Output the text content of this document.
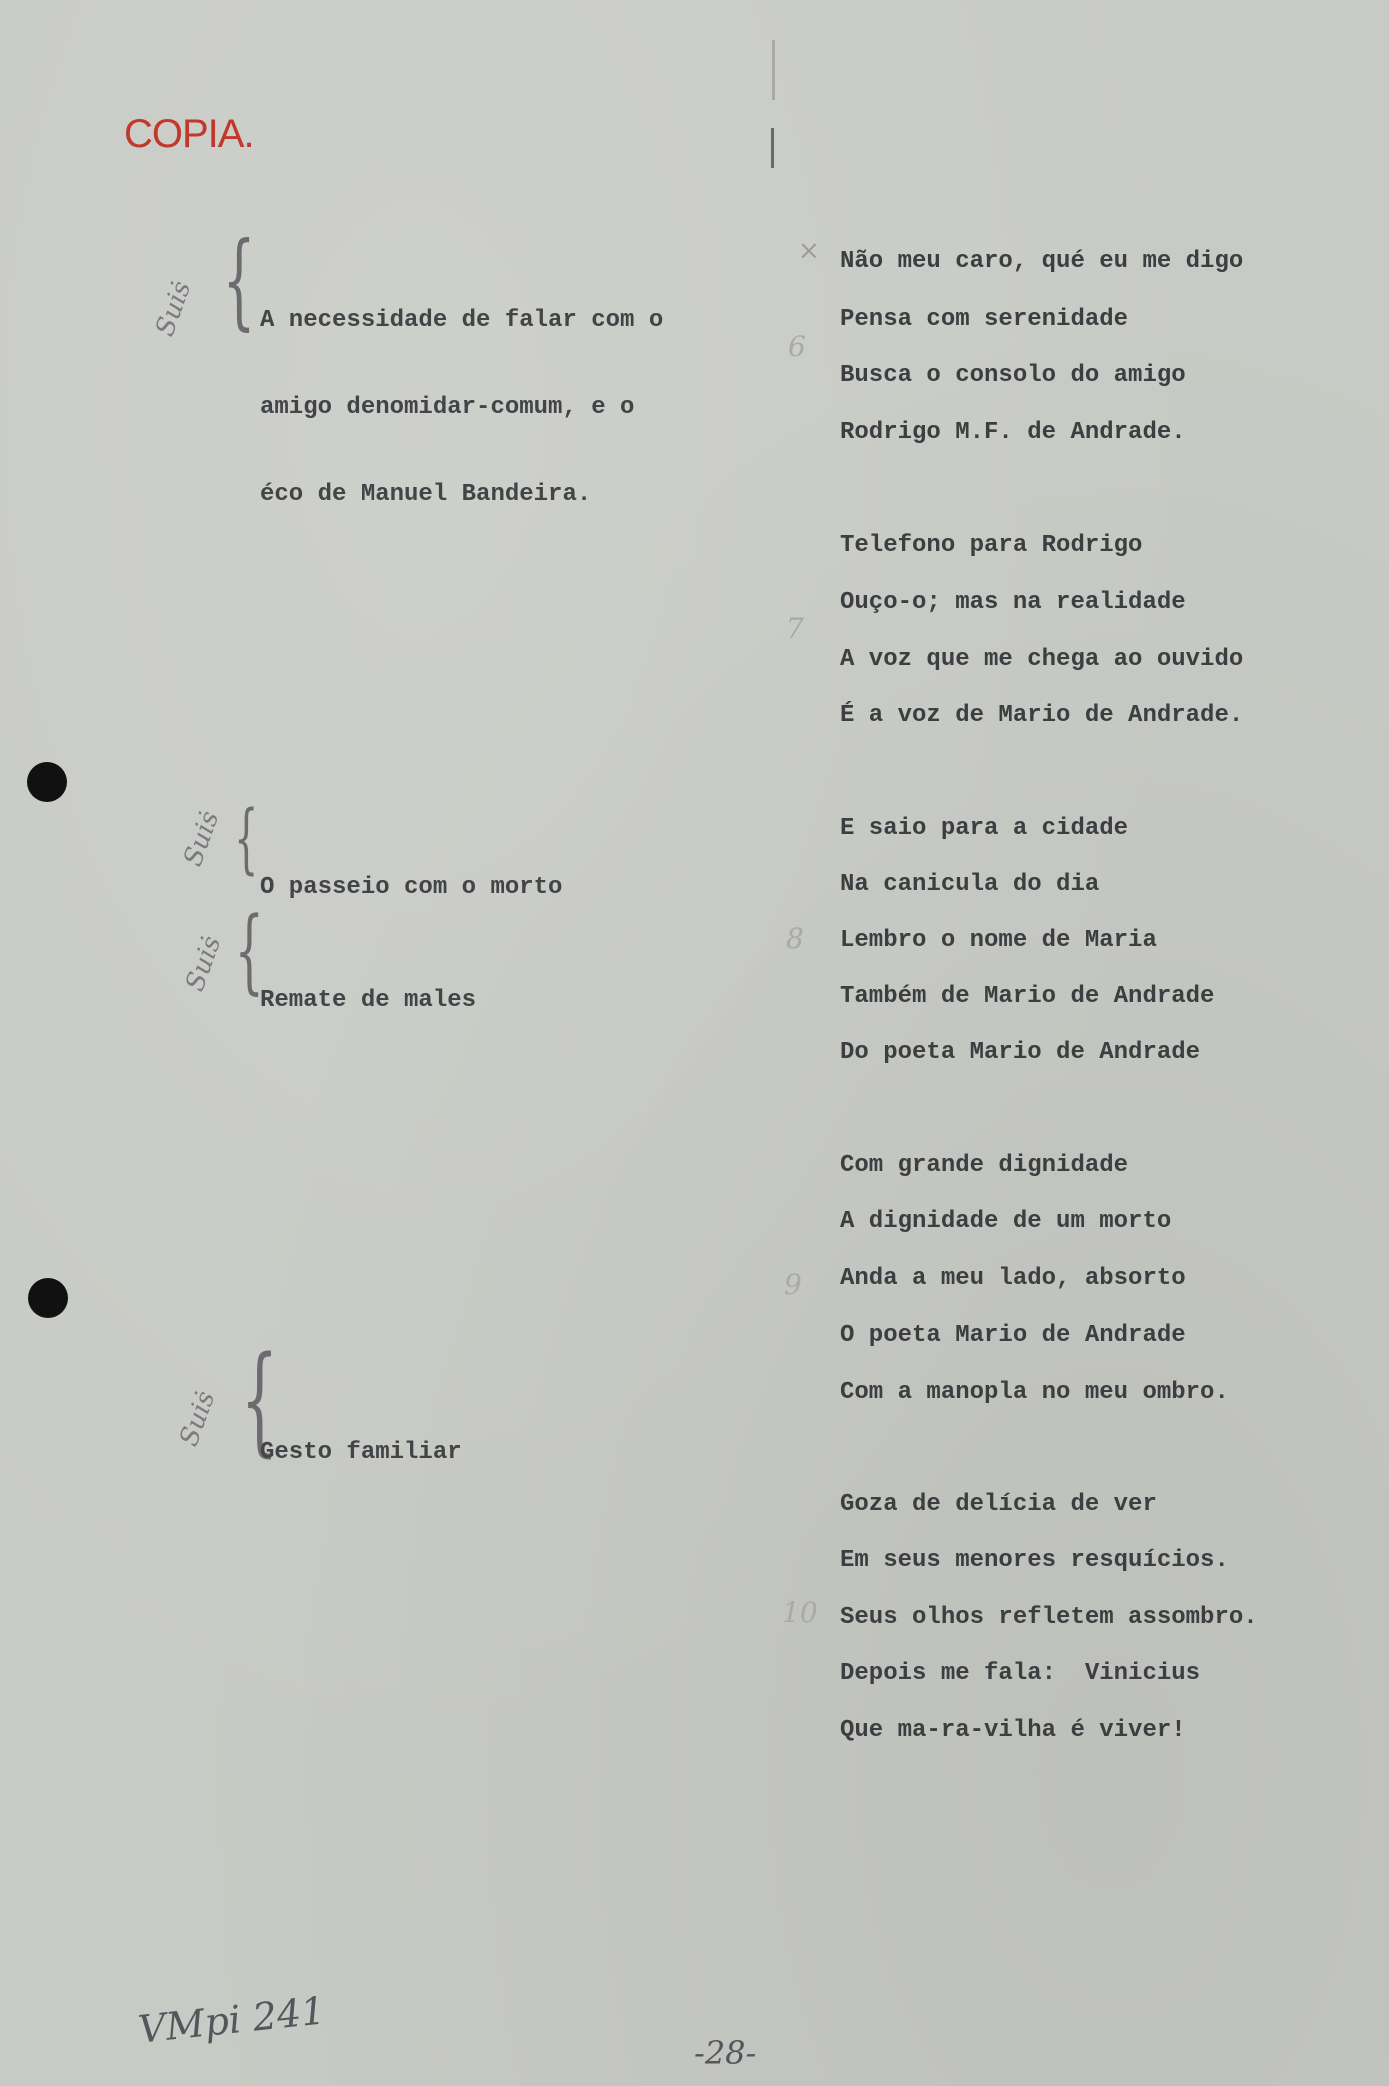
COPIA.
Suiṡ {

A necessidade de falar com o

amigo denomidar-comum, e o

éco de Manuel Bandeira.

Suiṡ {

O passeio com o morto

Suiṡ {

Remate de males

Suiṡ {

Gesto familiar

×
6
7
8
9
10
Não meu caro, qué eu me digo
Pensa com serenidade
Busca o consolo do amigo
Rodrigo M.F. de Andrade.
Telefono para Rodrigo
Ouço-o; mas na realidade
A voz que me chega ao ouvido
É a voz de Mario de Andrade.
E saio para a cidade
Na canicula do dia
Lembro o nome de Maria
Também de Mario de Andrade
Do poeta Mario de Andrade
Com grande dignidade
A dignidade de um morto
Anda a meu lado, absorto
O poeta Mario de Andrade
Com a manopla no meu ombro.
Goza de delícia de ver
Em seus menores resquícios.
Seus olhos refletem assombro.
Depois me fala:  Vinicius
Que ma-ra-vilha é viver!
VMpi 241
-28-
